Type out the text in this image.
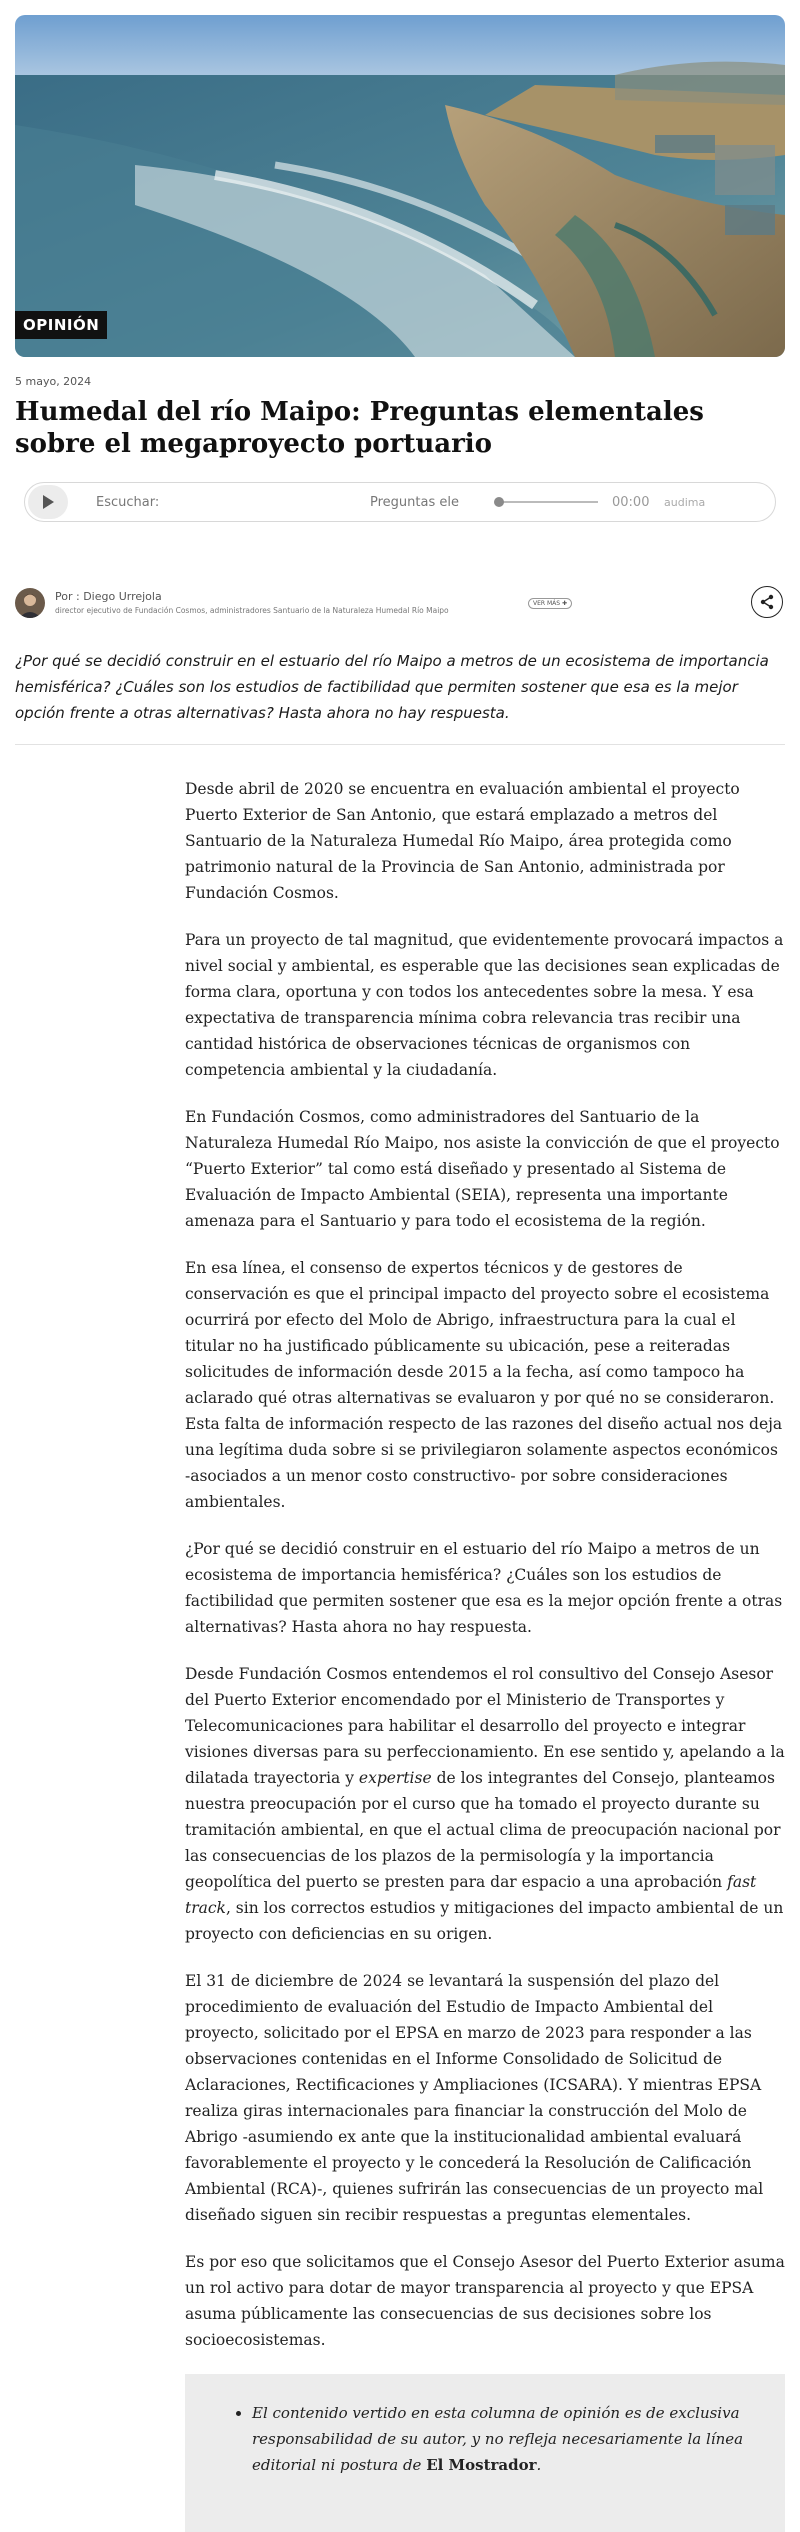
OPINIÓN
5 mayo, 2024
Humedal del río Maipo: Preguntas elementales sobre el megaproyecto portuario
Escuchar:	Preguntas ele	00:00	audima
Por : Diego Urrejola
director ejecutivo de Fundación Cosmos, administradores Santuario de la Naturaleza Humedal Río Maipo
VER MÁS ✚

¿Por qué se decidió construir en el estuario del río Maipo a metros de un ecosistema de importancia hemisférica? ¿Cuáles son los estudios de factibilidad que permiten sostener que esa es la mejor opción frente a otras alternativas? Hasta ahora no hay respuesta.

Desde abril de 2020 se encuentra en evaluación ambiental el proyecto Puerto Exterior de San Antonio, que estará emplazado a metros del Santuario de la Naturaleza Humedal Río Maipo, área protegida como patrimonio natural de la Provincia de San Antonio, administrada por Fundación Cosmos.

Para un proyecto de tal magnitud, que evidentemente provocará impactos a nivel social y ambiental, es esperable que las decisiones sean explicadas de forma clara, oportuna y con todos los antecedentes sobre la mesa. Y esa expectativa de transparencia mínima cobra relevancia tras recibir una cantidad histórica de observaciones técnicas de organismos con competencia ambiental y la ciudadanía.

En Fundación Cosmos, como administradores del Santuario de la Naturaleza Humedal Río Maipo, nos asiste la convicción de que el proyecto “Puerto Exterior” tal como está diseñado y presentado al Sistema de Evaluación de Impacto Ambiental (SEIA), representa una importante amenaza para el Santuario y para todo el ecosistema de la región.

En esa línea, el consenso de expertos técnicos y de gestores de conservación es que el principal impacto del proyecto sobre el ecosistema ocurrirá por efecto del Molo de Abrigo, infraestructura para la cual el titular no ha justificado públicamente su ubicación, pese a reiteradas solicitudes de información desde 2015 a la fecha, así como tampoco ha aclarado qué otras alternativas se evaluaron y por qué no se consideraron. Esta falta de información respecto de las razones del diseño actual nos deja una legítima duda sobre si se privilegiaron solamente aspectos económicos -asociados a un menor costo constructivo- por sobre consideraciones ambientales.

¿Por qué se decidió construir en el estuario del río Maipo a metros de un ecosistema de importancia hemisférica? ¿Cuáles son los estudios de factibilidad que permiten sostener que esa es la mejor opción frente a otras alternativas? Hasta ahora no hay respuesta.

Desde Fundación Cosmos entendemos el rol consultivo del Consejo Asesor del Puerto Exterior encomendado por el Ministerio de Transportes y Telecomunicaciones para habilitar el desarrollo del proyecto e integrar visiones diversas para su perfeccionamiento. En ese sentido y, apelando a la dilatada trayectoria y expertise de los integrantes del Consejo, planteamos nuestra preocupación por el curso que ha tomado el proyecto durante su tramitación ambiental, en que el actual clima de preocupación nacional por las consecuencias de los plazos de la permisología y la importancia geopolítica del puerto se presten para dar espacio a una aprobación fast track, sin los correctos estudios y mitigaciones del impacto ambiental de un proyecto con deficiencias en su origen.

El 31 de diciembre de 2024 se levantará la suspensión del plazo del procedimiento de evaluación del Estudio de Impacto Ambiental del proyecto, solicitado por el EPSA en marzo de 2023 para responder a las observaciones contenidas en el Informe Consolidado de Solicitud de Aclaraciones, Rectificaciones y Ampliaciones (ICSARA). Y mientras EPSA realiza giras internacionales para financiar la construcción del Molo de Abrigo -asumiendo ex ante que la institucionalidad ambiental evaluará favorablemente el proyecto y le concederá la Resolución de Calificación Ambiental (RCA)-, quienes sufrirán las consecuencias de un proyecto mal diseñado siguen sin recibir respuestas a preguntas elementales.

Es por eso que solicitamos que el Consejo Asesor del Puerto Exterior asuma un rol activo para dotar de mayor transparencia al proyecto y que EPSA asuma públicamente las consecuencias de sus decisiones sobre los socioecosistemas.

• El contenido vertido en esta columna de opinión es de exclusiva responsabilidad de su autor, y no refleja necesariamente la línea editorial ni postura de El Mostrador.
